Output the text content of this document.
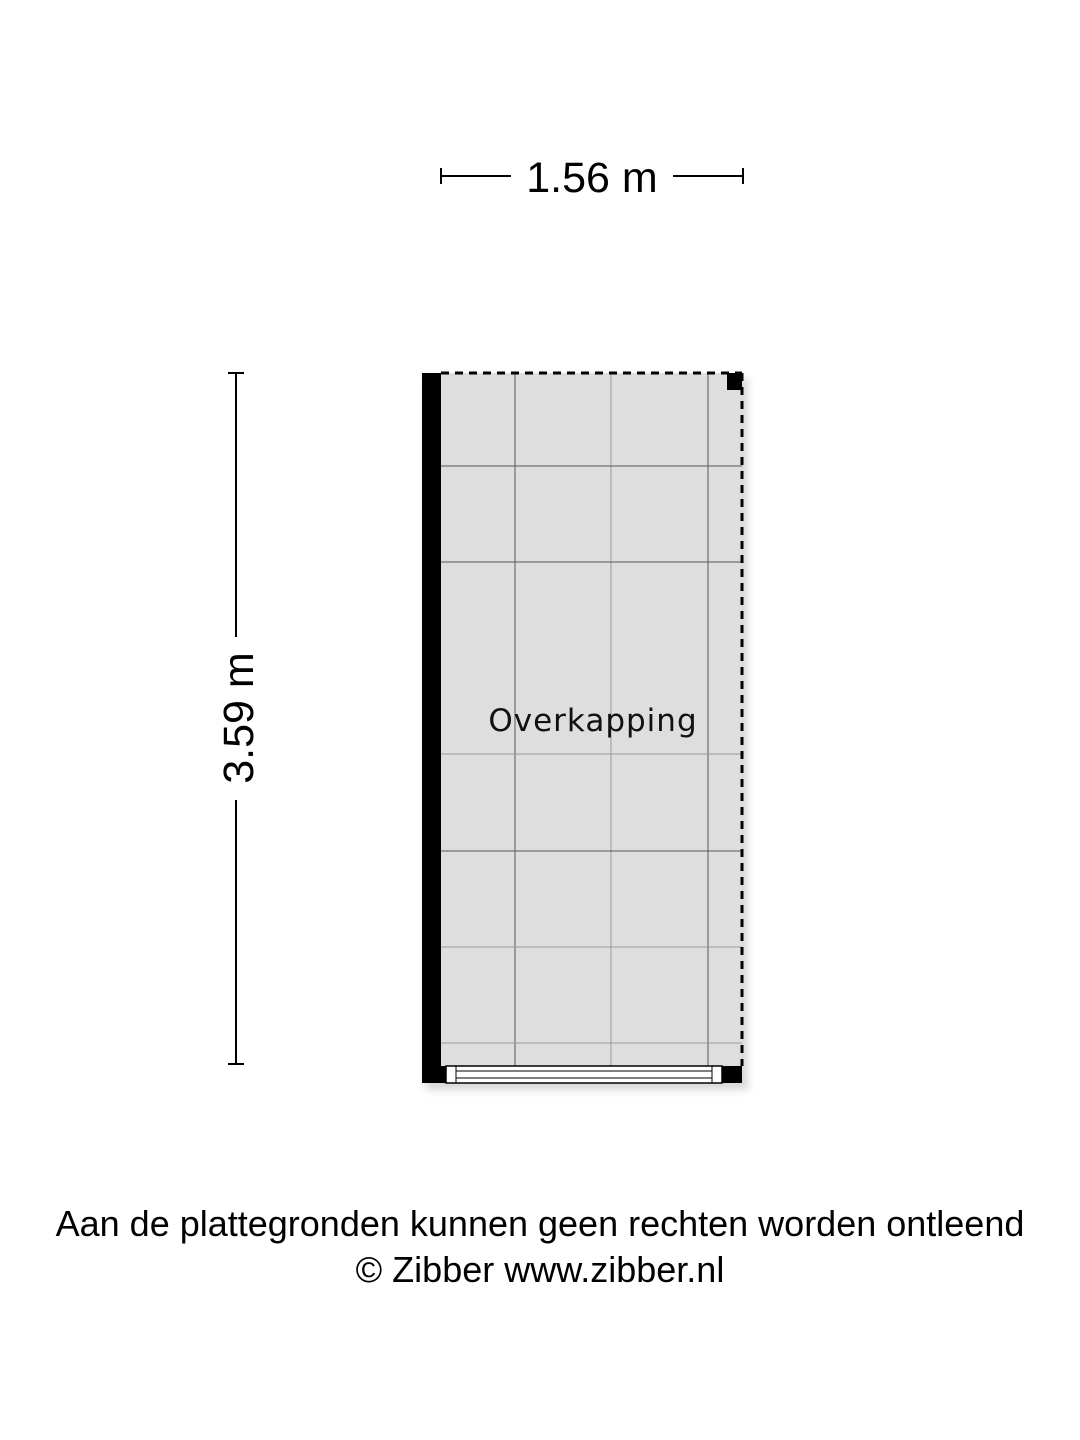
1.56 m
3.59 m	Overkapping
Aan de plattegronden kunnen geen rechten worden ontleend
© Zibber www.zibber.nl
